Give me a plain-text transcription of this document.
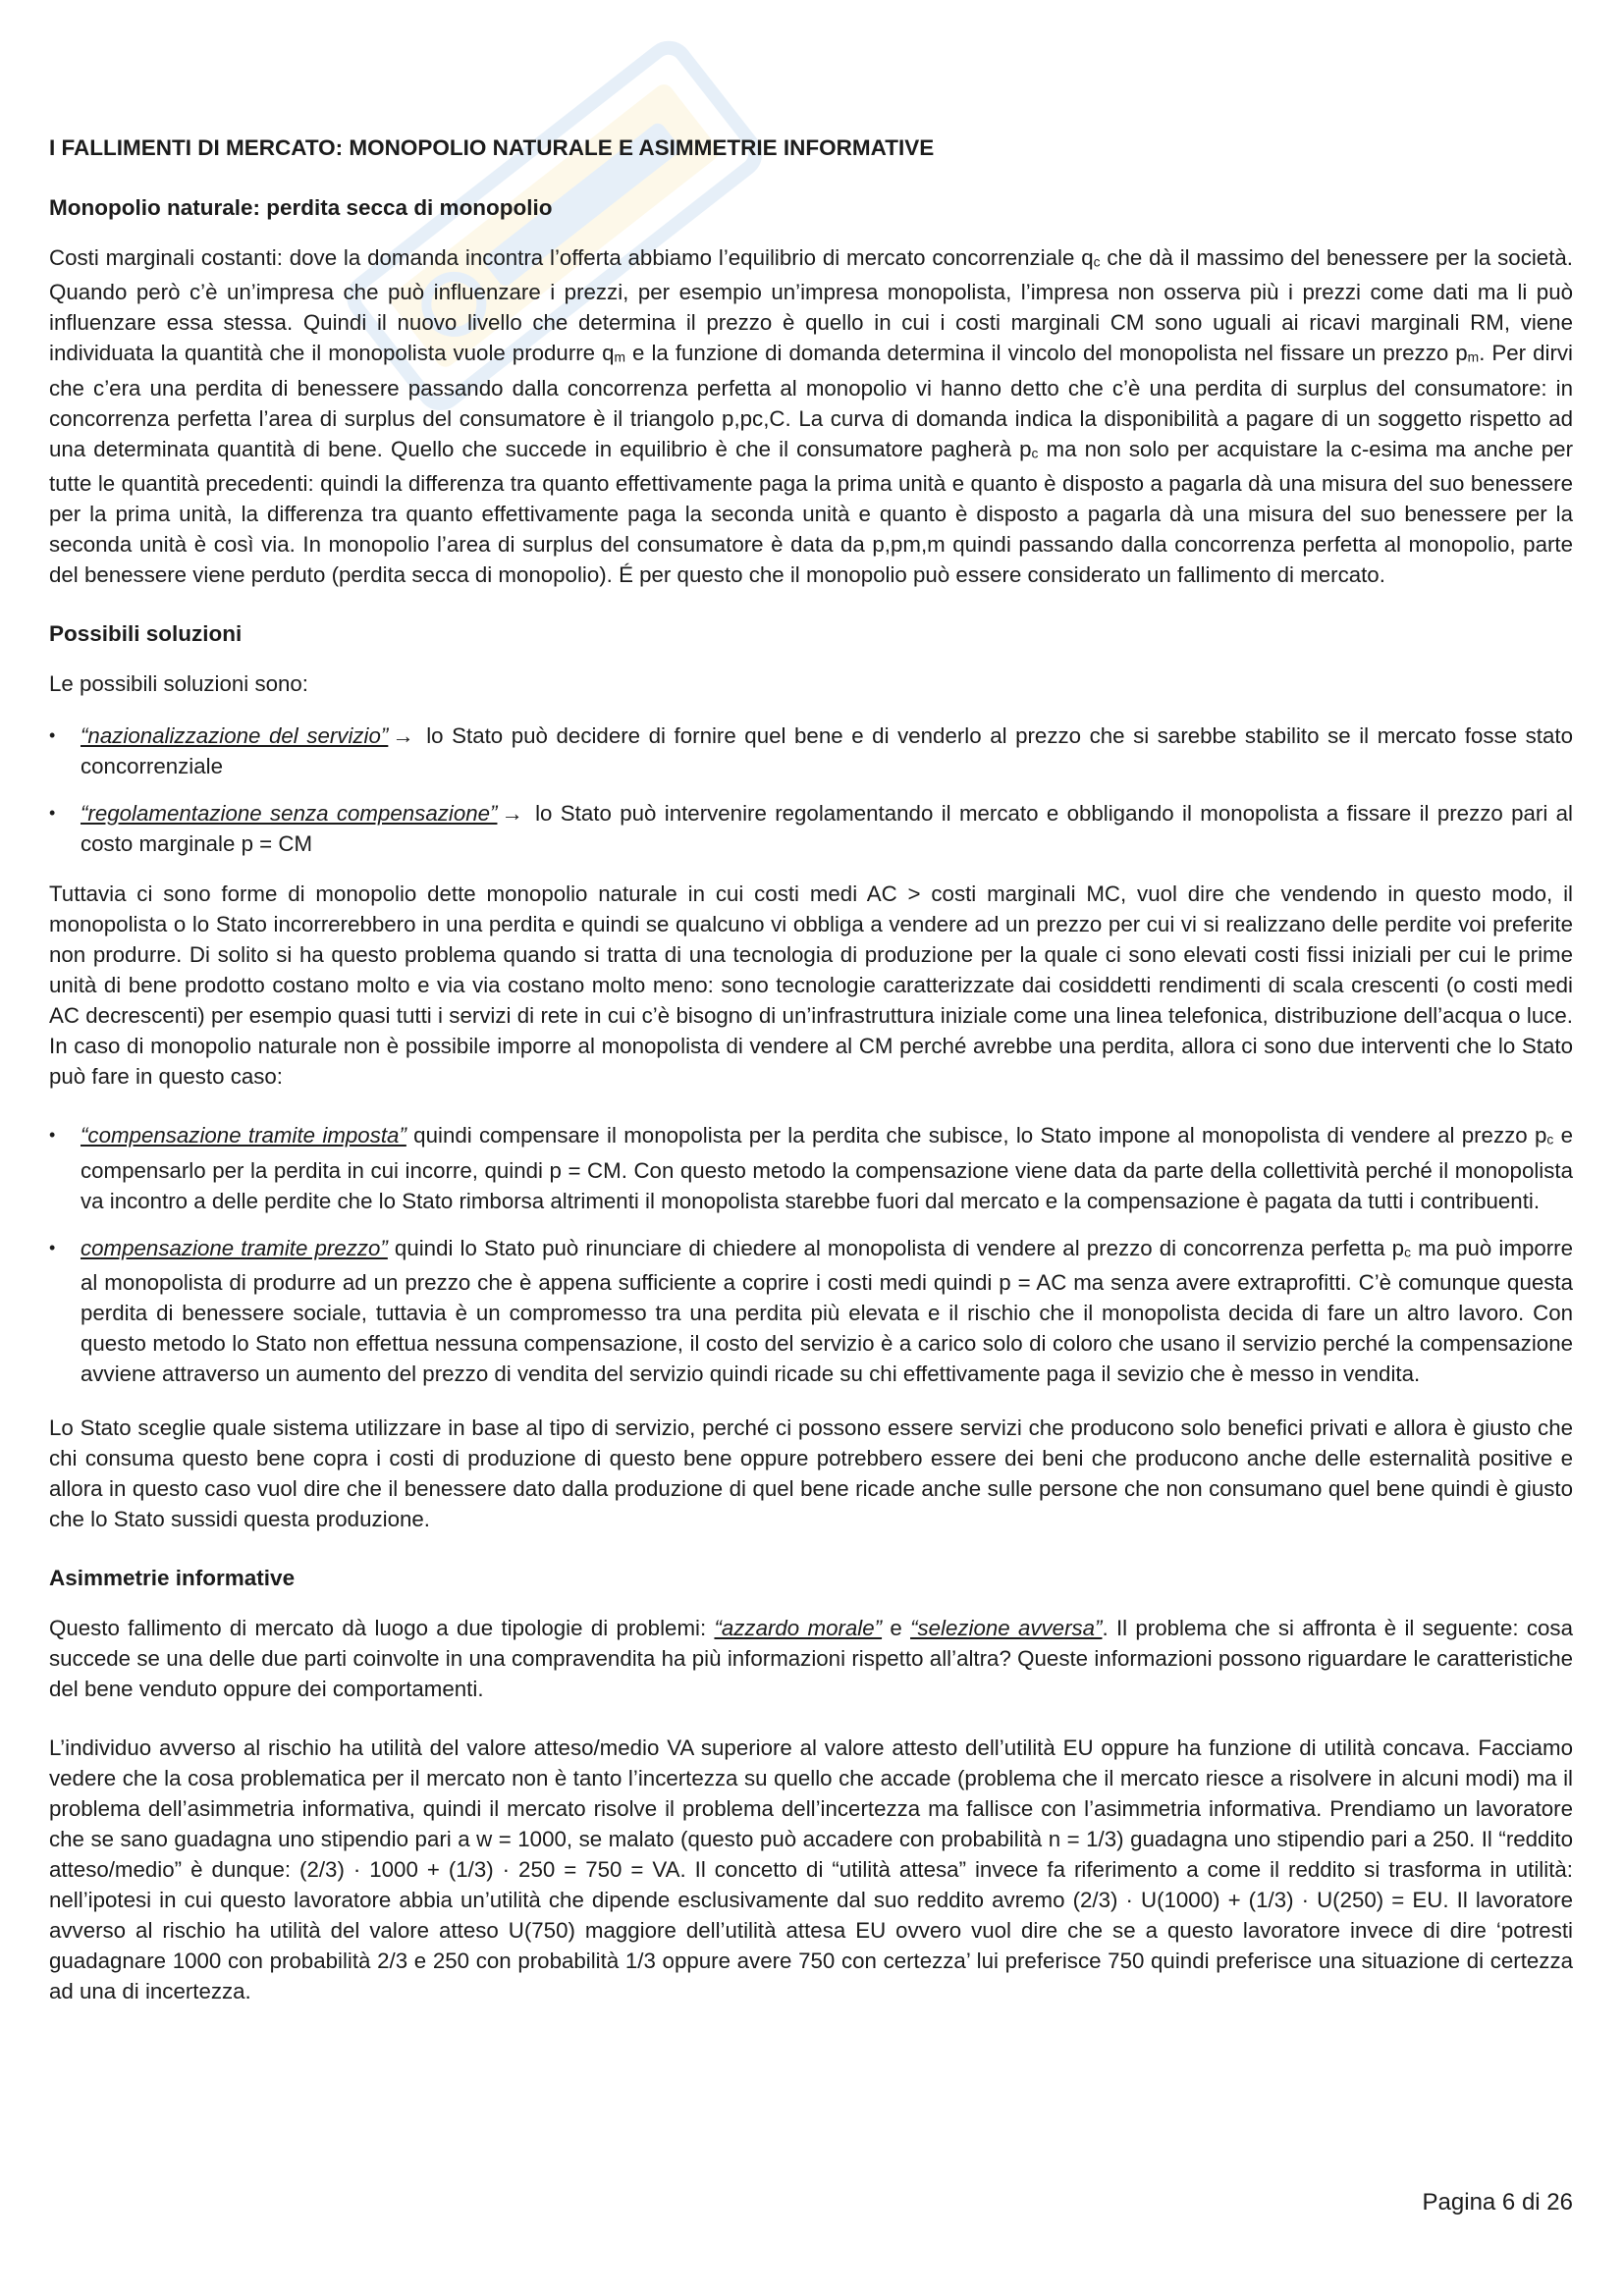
I FALLIMENTI DI MERCATO: MONOPOLIO NATURALE E ASIMMETRIE INFORMATIVE
Monopolio naturale: perdita secca di monopolio

Costi marginali costanti: dove la domanda incontra l’offerta abbiamo l’equilibrio di mercato concorrenziale qc che dà il massimo del benessere per la società. Quando però c’è un’impresa che può influenzare i prezzi, per esempio un’impresa monopolista, l’impresa non osserva più i prezzi come dati ma li può influenzare essa stessa. Quindi il nuovo livello che determina il prezzo è quello in cui i costi marginali CM sono uguali ai ricavi marginali RM, viene individuata la quantità che il monopolista vuole produrre qm e la funzione di domanda determina il vincolo del monopolista nel fissare un prezzo pm. Per dirvi che c’era una perdita di benessere passando dalla concorrenza perfetta al monopolio vi hanno detto che c’è una perdita di surplus del consumatore: in concorrenza perfetta l’area di surplus del consumatore è il triangolo p,pc,C. La curva di domanda indica la disponibilità a pagare di un soggetto rispetto ad una determinata quantità di bene. Quello che succede in equilibrio è che il consumatore pagherà pc ma non solo per acquistare la c-esima ma anche per tutte le quantità precedenti: quindi la differenza tra quanto effettivamente paga la prima unità e quanto è disposto a pagarla dà una misura del suo benessere per la prima unità, la differenza tra quanto effettivamente paga la seconda unità e quanto è disposto a pagarla dà una misura del suo benessere per la seconda unità è così via. In monopolio l’area di surplus del consumatore è data da p,pm,m quindi passando dalla concorrenza perfetta al monopolio, parte del benessere viene perduto (perdita secca di monopolio). É per questo che il monopolio può essere considerato un fallimento di mercato.

Possibili soluzioni

Le possibili soluzioni sono:

• “nazionalizzazione del servizio” → lo Stato può decidere di fornire quel bene e di venderlo al prezzo che si sarebbe stabilito se il mercato fosse stato concorrenziale
• “regolamentazione senza compensazione” → lo Stato può intervenire regolamentando il mercato e obbligando il monopolista a fissare il prezzo pari al costo marginale p = CM

Tuttavia ci sono forme di monopolio dette monopolio naturale in cui costi medi AC > costi marginali MC, vuol dire che vendendo in questo modo, il monopolista o lo Stato incorrerebbero in una perdita e quindi se qualcuno vi obbliga a vendere ad un prezzo per cui vi si realizzano delle perdite voi preferite non produrre. Di solito si ha questo problema quando si tratta di una tecnologia di produzione per la quale ci sono elevati costi fissi iniziali per cui le prime unità di bene prodotto costano molto e via via costano molto meno: sono tecnologie caratterizzate dai cosiddetti rendimenti di scala crescenti (o costi medi AC decrescenti) per esempio quasi tutti i servizi di rete in cui c’è bisogno di un’infrastruttura iniziale come una linea telefonica, distribuzione dell’acqua o luce. In caso di monopolio naturale non è possibile imporre al monopolista di vendere al CM perché avrebbe una perdita, allora ci sono due interventi che lo Stato può fare in questo caso:

• “compensazione tramite imposta” quindi compensare il monopolista per la perdita che subisce, lo Stato impone al monopolista di vendere al prezzo pc e compensarlo per la perdita in cui incorre, quindi p = CM. Con questo metodo la compensazione viene data da parte della collettività perché il monopolista va incontro a delle perdite che lo Stato rimborsa altrimenti il monopolista starebbe fuori dal mercato e la compensazione è pagata da tutti i contribuenti.
• compensazione tramite prezzo” quindi lo Stato può rinunciare di chiedere al monopolista di vendere al prezzo di concorrenza perfetta pc ma può imporre al monopolista di produrre ad un prezzo che è appena sufficiente a coprire i costi medi quindi p = AC ma senza avere extraprofitti. C’è comunque questa perdita di benessere sociale, tuttavia è un compromesso tra una perdita più elevata e il rischio che il monopolista decida di fare un altro lavoro. Con questo metodo lo Stato non effettua nessuna compensazione, il costo del servizio è a carico solo di coloro che usano il servizio perché la compensazione avviene attraverso un aumento del prezzo di vendita del servizio quindi ricade su chi effettivamente paga il sevizio che è messo in vendita.

Lo Stato sceglie quale sistema utilizzare in base al tipo di servizio, perché ci possono essere servizi che producono solo benefici privati e allora è giusto che chi consuma questo bene copra i costi di produzione di questo bene oppure potrebbero essere dei beni che producono anche delle esternalità positive e allora in questo caso vuol dire che il benessere dato dalla produzione di quel bene ricade anche sulle persone che non consumano quel bene quindi è giusto che lo Stato sussidi questa produzione.

Asimmetrie informative

Questo fallimento di mercato dà luogo a due tipologie di problemi: “azzardo morale” e “selezione avversa”. Il problema che si affronta è il seguente: cosa succede se una delle due parti coinvolte in una compravendita ha più informazioni rispetto all’altra? Queste informazioni possono riguardare le caratteristiche del bene venduto oppure dei comportamenti.

L’individuo avverso al rischio ha utilità del valore atteso/medio VA superiore al valore attesto dell’utilità EU oppure ha funzione di utilità concava. Facciamo vedere che la cosa problematica per il mercato non è tanto l’incertezza su quello che accade (problema che il mercato riesce a risolvere in alcuni modi) ma il problema dell’asimmetria informativa, quindi il mercato risolve il problema dell’incertezza ma fallisce con l’asimmetria informativa. Prendiamo un lavoratore che se sano guadagna uno stipendio pari a w = 1000, se malato (questo può accadere con probabilità n = 1/3) guadagna uno stipendio pari a 250. Il “reddito atteso/medio” è dunque: (2/3) · 1000 + (1/3) · 250 = 750 = VA. Il concetto di “utilità attesa” invece fa riferimento a come il reddito si trasforma in utilità: nell’ipotesi in cui questo lavoratore abbia un’utilità che dipende esclusivamente dal suo reddito avremo (2/3) · U(1000) + (1/3) · U(250) = EU. Il lavoratore avverso al rischio ha utilità del valore atteso U(750) maggiore dell’utilità attesa EU ovvero vuol dire che se a questo lavoratore invece di dire ‘potresti guadagnare 1000 con probabilità 2/3 e 250 con probabilità 1/3 oppure avere 750 con certezza’ lui preferisce 750 quindi preferisce una situazione di certezza ad una di incertezza.

Pagina 6 di 26
